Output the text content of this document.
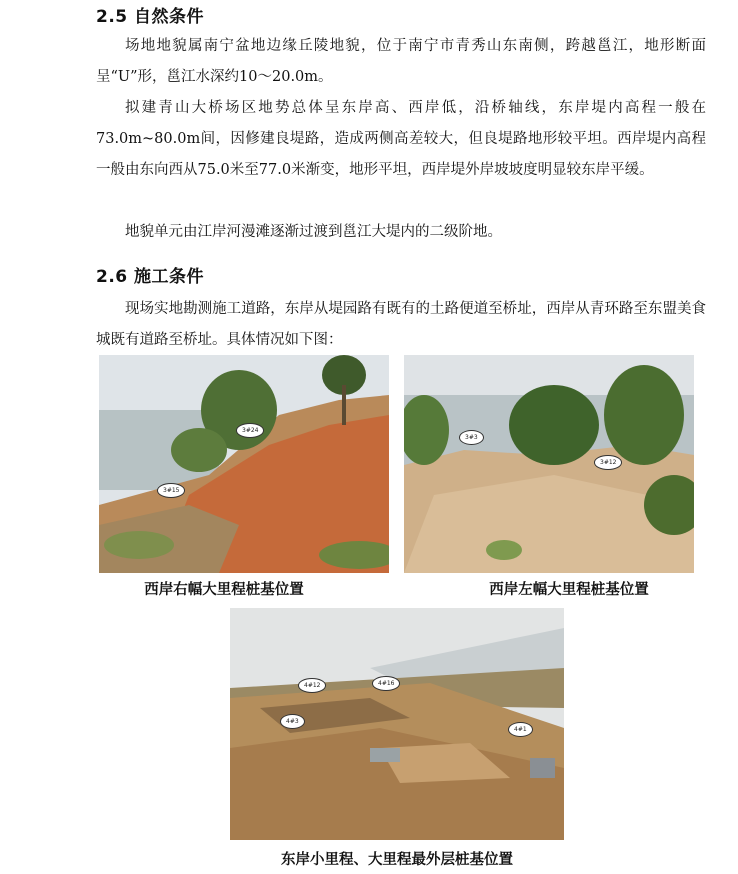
2.5 自然条件
场地地貌属南宁盆地边缘丘陵地貌，位于南宁市青秀山东南侧，跨越邕江，地形断面呈“U”形，邕江水深约10～20.0m。
拟建青山大桥场区地势总体呈东岸高、西岸低，沿桥轴线，东岸堤内高程一般在73.0m~80.0m间，因修建良堤路，造成两侧高差较大，但良堤路地形较平坦。西岸堤内高程一般由东向西从75.0米至77.0米渐变，地形平坦，西岸堤外岸坡坡度明显较东岸平缓。
地貌单元由江岸河漫滩逐渐过渡到邕江大堤内的二级阶地。
2.6 施工条件
现场实地勘测施工道路，东岸从堤园路有既有的土路便道至桥址，西岸从青环路至东盟美食城既有道路至桥址。具体情况如下图：
3#24
3#15
西岸右幅大里程桩基位置
3#3
3#12
西岸左幅大里程桩基位置
4#12	4#16
4#3
4#1
东岸小里程、大里程最外层桩基位置
